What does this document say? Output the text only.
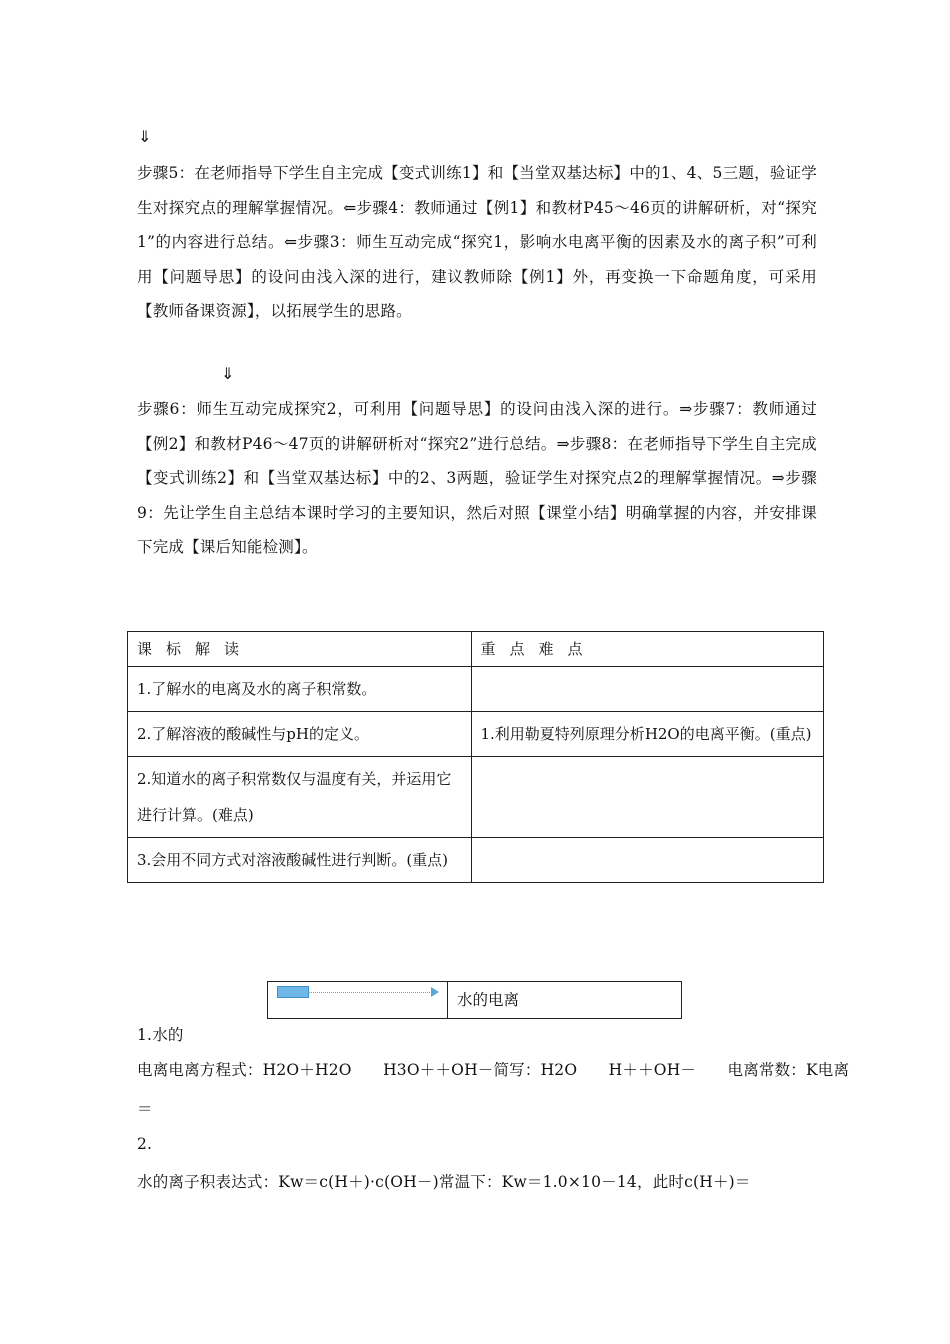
⇓
步骤5：在老师指导下学生自主完成【变式训练1】和【当堂双基达标】中的1、4、5三题，验证学生对探究点的理解掌握情况。⇐步骤4：教师通过【例1】和教材P45～46页的讲解研析，对“探究1”的内容进行总结。⇐步骤3：师生互动完成“探究1，影响水电离平衡的因素及水的离子积”可利用【问题导思】的设问由浅入深的进行，建议教师除【例1】外，再变换一下命题角度，可采用【教师备课资源】，以拓展学生的思路。
⇓
步骤6：师生互动完成探究2，可利用【问题导思】的设问由浅入深的进行。⇒步骤7：教师通过【例2】和教材P46～47页的讲解研析对“探究2”进行总结。⇒步骤8：在老师指导下学生自主完成【变式训练2】和【当堂双基达标】中的2、3两题，验证学生对探究点2的理解掌握情况。⇒步骤9：先让学生自主总结本课时学习的主要知识，然后对照【课堂小结】明确掌握的内容，并安排课下完成【课后知能检测】。
课标解读	重点难点
1.了解水的电离及水的离子积常数。	
2.了解溶液的酸碱性与pH的定义。	1.利用勒夏特列原理分析H2O的电离平衡。(重点)
2.知道水的离子积常数仅与温度有关，并运用它进行计算。(难点)	
3.会用不同方式对溶液酸碱性进行判断。(重点)	
水的电离
1.水的
电离电离方程式：H2O＋H2O　　H3O＋＋OH－简写：H2O　　H＋＋OH－　　电离常数：K电离
＝
2.
水的离子积表达式：Kw＝c(H＋)·c(OH－)常温下：Kw＝1.0×10－14，此时c(H＋)＝
